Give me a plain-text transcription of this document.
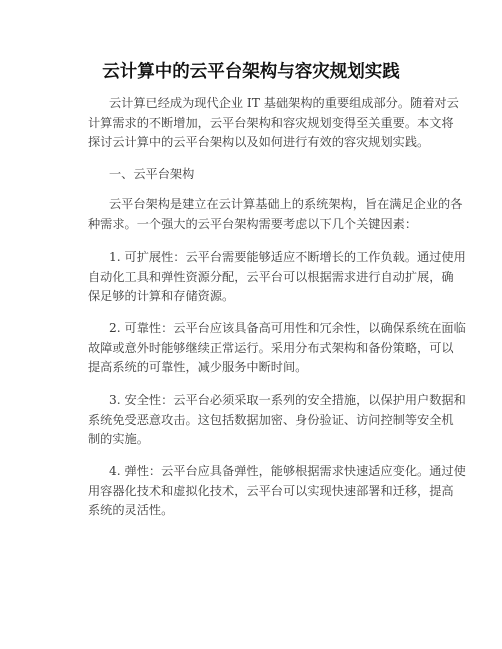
云计算中的云平台架构与容灾规划实践

云计算已经成为现代企业 IT 基础架构的重要组成部分。随着对云
计算需求的不断增加，云平台架构和容灾规划变得至关重要。本文将
探讨云计算中的云平台架构以及如何进行有效的容灾规划实践。

一、云平台架构

云平台架构是建立在云计算基础上的系统架构，旨在满足企业的各
种需求。一个强大的云平台架构需要考虑以下几个关键因素：

1. 可扩展性：云平台需要能够适应不断增长的工作负载。通过使用
自动化工具和弹性资源分配，云平台可以根据需求进行自动扩展，确
保足够的计算和存储资源。

2. 可靠性：云平台应该具备高可用性和冗余性，以确保系统在面临
故障或意外时能够继续正常运行。采用分布式架构和备份策略，可以
提高系统的可靠性，减少服务中断时间。

3. 安全性：云平台必须采取一系列的安全措施，以保护用户数据和
系统免受恶意攻击。这包括数据加密、身份验证、访问控制等安全机
制的实施。

4. 弹性：云平台应具备弹性，能够根据需求快速适应变化。通过使
用容器化技术和虚拟化技术，云平台可以实现快速部署和迁移，提高
系统的灵活性。
